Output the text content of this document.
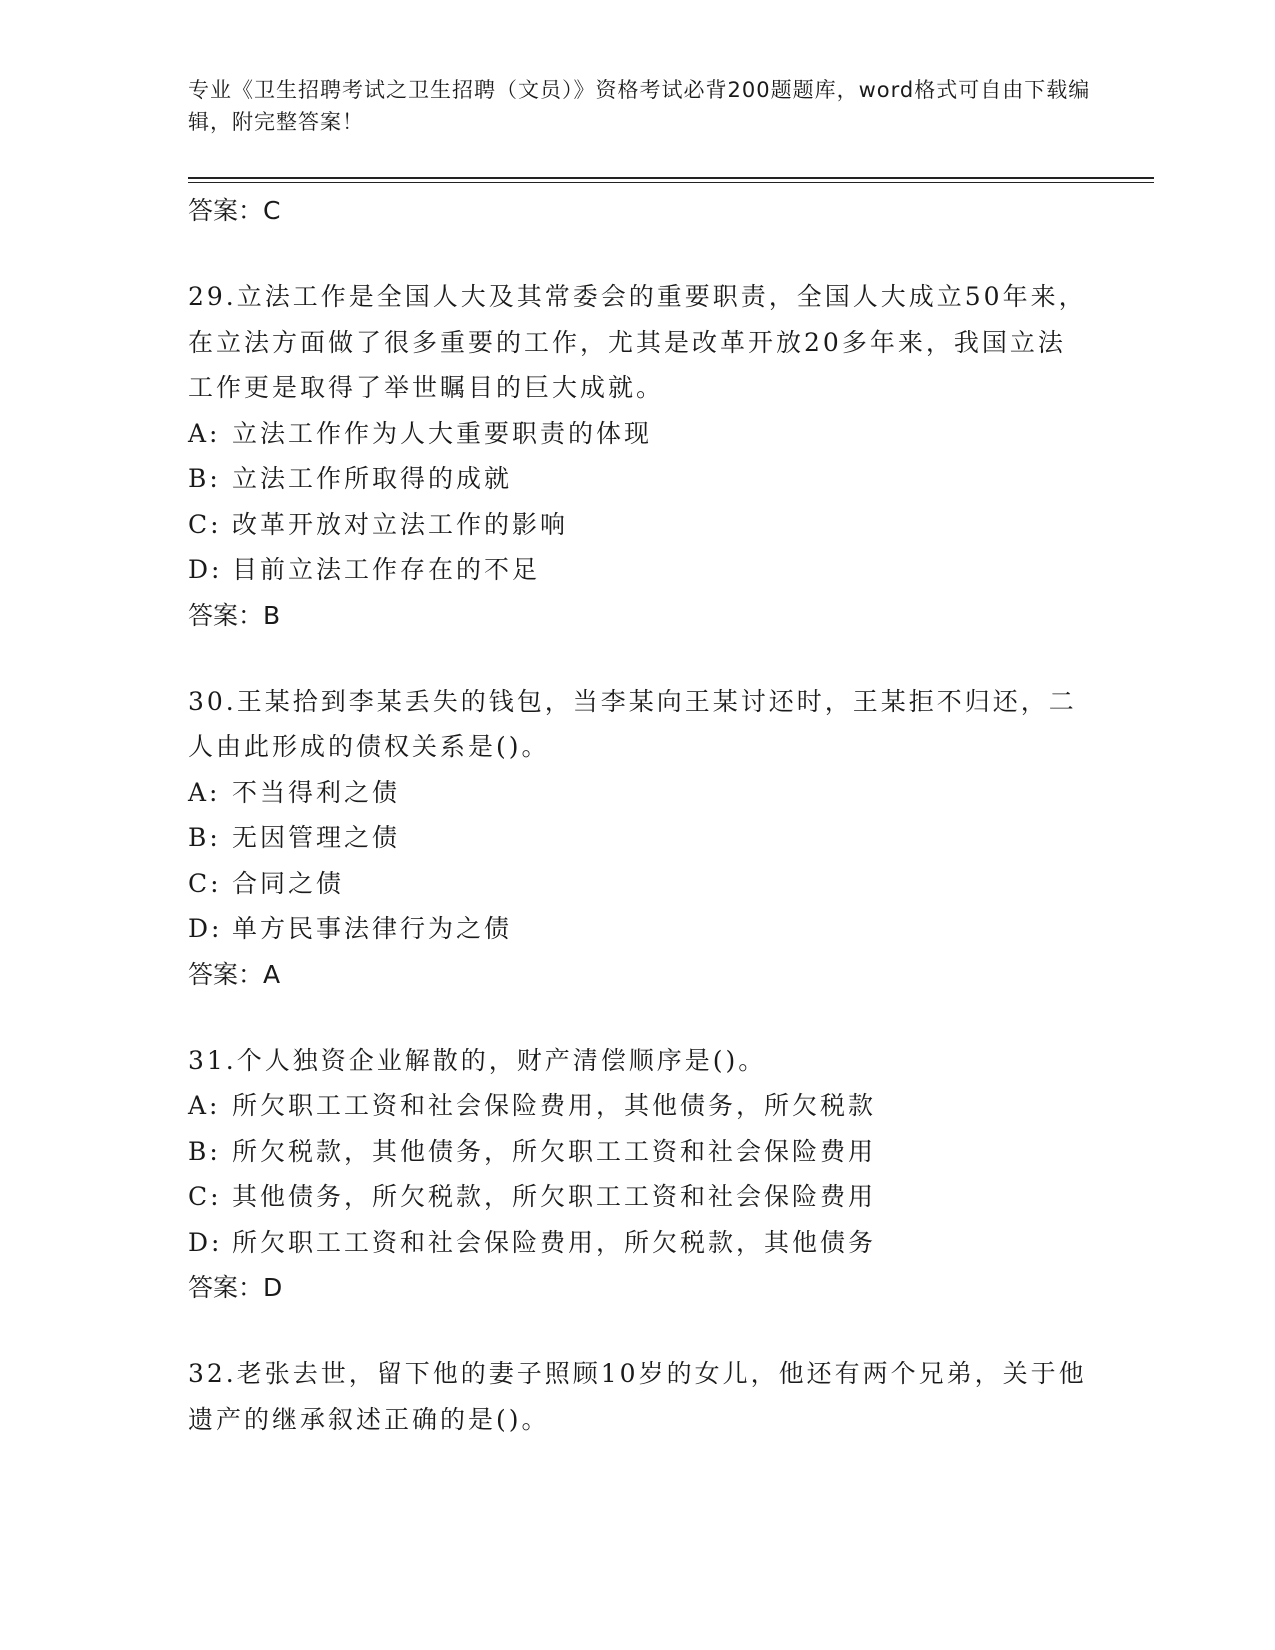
专业《卫生招聘考试之卫生招聘（文员）》资格考试必背200题题库，word格式可自由下载编辑，附完整答案！
答案：C
29.立法工作是全国人大及其常委会的重要职责，全国人大成立50年来，在立法方面做了很多重要的工作，尤其是改革开放20多年来，我国立法工作更是取得了举世瞩目的巨大成就。
A: 立法工作作为人大重要职责的体现
B: 立法工作所取得的成就
C: 改革开放对立法工作的影响
D: 目前立法工作存在的不足
答案：B
30.王某拾到李某丢失的钱包，当李某向王某讨还时，王某拒不归还，二人由此形成的债权关系是()。
A: 不当得利之债
B: 无因管理之债
C: 合同之债
D: 单方民事法律行为之债
答案：A
31.个人独资企业解散的，财产清偿顺序是()。
A: 所欠职工工资和社会保险费用，其他债务，所欠税款
B: 所欠税款，其他债务，所欠职工工资和社会保险费用
C: 其他债务，所欠税款，所欠职工工资和社会保险费用
D: 所欠职工工资和社会保险费用，所欠税款，其他债务
答案：D
32.老张去世，留下他的妻子照顾10岁的女儿，他还有两个兄弟，关于他遗产的继承叙述正确的是()。
